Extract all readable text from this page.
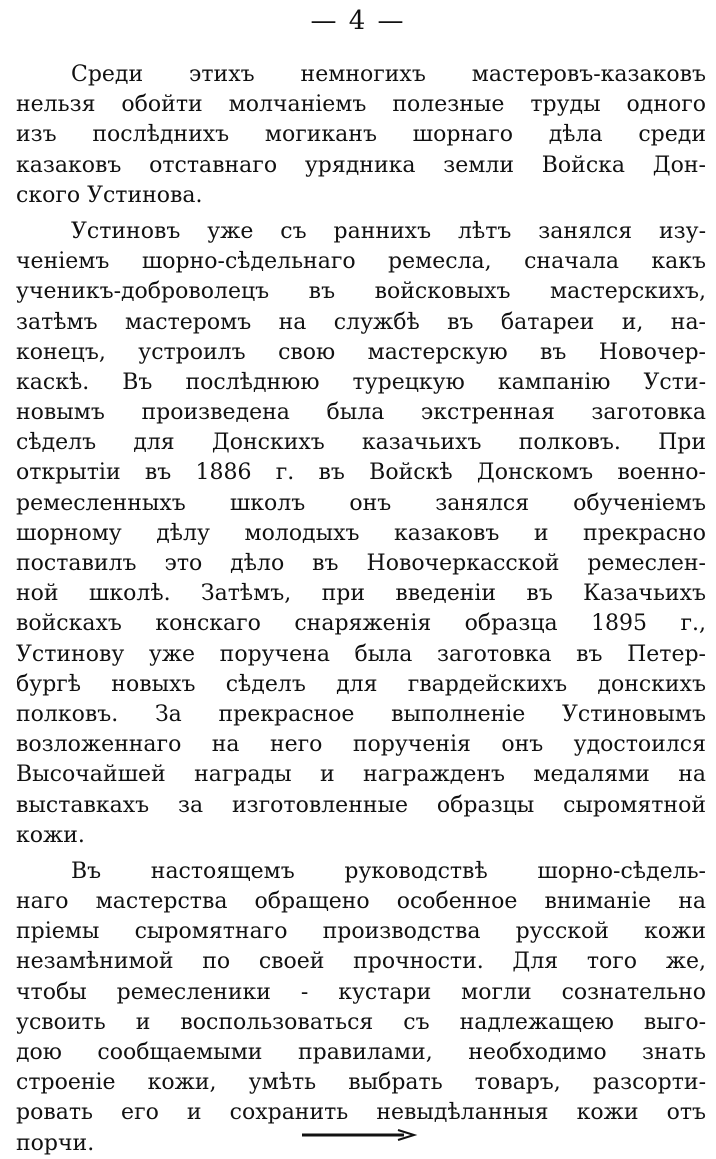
— 4 —
Среди этихъ немногихъ мастеровъ-казаковъ
нельзя обойти молчаніемъ полезные труды одного
изъ послѣднихъ могиканъ шорнаго дѣла среди
казаковъ отставнаго урядника земли Войска Дон-
ского Устинова.
Устиновъ уже съ раннихъ лѣтъ занялся изу-
ченіемъ шорно-сѣдельнаго ремесла, сначала какъ
ученикъ-доброволецъ въ войсковыхъ мастерскихъ,
затѣмъ мастеромъ на службѣ въ батареи и, на-
конецъ, устроилъ свою мастерскую въ Новочер-
каскѣ. Въ послѣднюю турецкую кампанію Усти-
новымъ произведена была экстренная заготовка
сѣделъ для Донскихъ казачьихъ полковъ. При
открытіи въ 1886 г. въ Войскѣ Донскомъ военно-
ремесленныхъ школъ онъ занялся обученіемъ
шорному дѣлу молодыхъ казаковъ и прекрасно
поставилъ это дѣло въ Новочеркасской ремеслен-
ной школѣ. Затѣмъ, при введеніи въ Казачьихъ
войскахъ конскаго снаряженія образца 1895 г.,
Устинову уже поручена была заготовка въ Петер-
бургѣ новыхъ сѣделъ для гвардейскихъ донскихъ
полковъ. За прекрасное выполненіе Устиновымъ
возложеннаго на него порученія онъ удостоился
Высочайшей награды и награжденъ медалями на
выставкахъ за изготовленные образцы сыромятной
кожи.
Въ настоящемъ руководствѣ шорно-сѣдель-
наго мастерства обращено особенное вниманіе на
пріемы сыромятнаго производства русской кожи
незамѣнимой по своей прочности. Для того же,
чтобы ремесленики - кустари могли сознательно
усвоить и воспользоваться съ надлежащею выго-
дою сообщаемыми правилами, необходимо знать
строеніе кожи, умѣть выбрать товаръ, разсорти-
ровать его и сохранить невыдѣланныя кожи отъ
порчи.
